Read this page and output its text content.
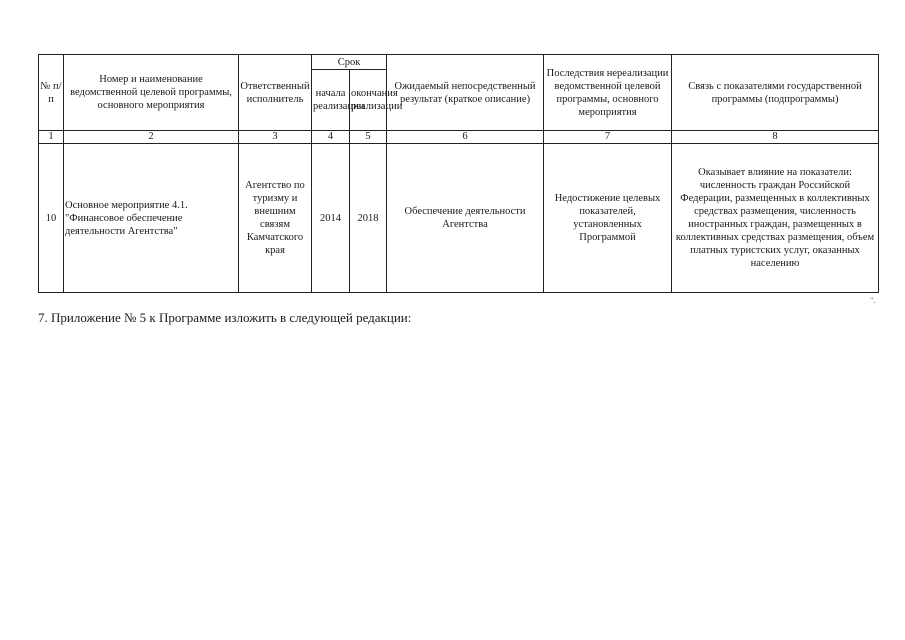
№ п/п	Номер и наименование ведомственной целевой программы, основного мероприятия	Ответственный исполнитель	Срок		Ожидаемый непосредственный результат (краткое описание)	Последствия нереализации ведомственной целевой программы, основного мероприятия	Связь с показателями государственной программы (подпрограммы)
			начала реализации	окончания реализации			
1	2	3	4	5	6	7	8
10	Основное мероприятие 4.1. "Финансовое обеспечение деятельности Агентства"	Агентство по туризму и внешним связям Камчатского края	2014	2018	Обеспечение деятельности Агентства	Недостижение целевых показателей, установленных Программой	Оказывает влияние на показатели: численность граждан Российской Федерации, размещенных в коллективных средствах размещения, численность иностранных граждан, размещенных в коллективных средствах размещения, объем платных туристских услуг, оказанных населению
".
7. Приложение № 5 к Программе изложить в следующей редакции:
